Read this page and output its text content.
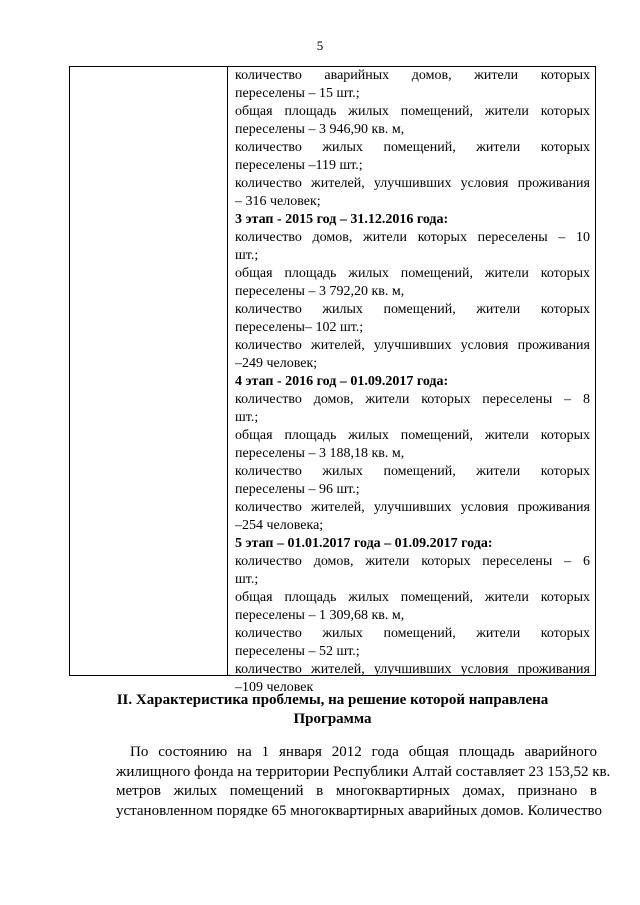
5
количество аварийных домов, жители которых
переселены – 15 шт.;
общая площадь жилых помещений, жители которых
переселены – 3 946,90 кв. м,
количество жилых помещений, жители которых
переселены –119 шт.;
количество жителей, улучшивших условия проживания
– 316 человек;
3 этап - 2015 год – 31.12.2016 года:
количество домов, жители которых переселены – 10
шт.;
общая площадь жилых помещений, жители которых
переселены – 3 792,20 кв. м,
количество жилых помещений, жители которых
переселены– 102 шт.;
количество жителей, улучшивших условия проживания
–249 человек;
4 этап - 2016 год – 01.09.2017 года:
количество домов, жители которых переселены – 8
шт.;
общая площадь жилых помещений, жители которых
переселены – 3 188,18 кв. м,
количество жилых помещений, жители которых
переселены – 96 шт.;
количество жителей, улучшивших условия проживания
–254 человека;
5 этап – 01.01.2017 года – 01.09.2017 года:
количество домов, жители которых переселены – 6
шт.;
общая площадь жилых помещений, жители которых
переселены – 1 309,68 кв. м,
количество жилых помещений, жители которых
переселены – 52 шт.;
количество жителей, улучшивших условия проживания
–109 человек
II. Характеристика проблемы, на решение которой направлена
Программа
По состоянию на 1 января 2012 года общая площадь аварийного
жилищного фонда на территории Республики Алтай составляет 23 153,52 кв.
метров жилых помещений в многоквартирных домах, признано в
установленном порядке 65 многоквартирных аварийных домов. Количество
